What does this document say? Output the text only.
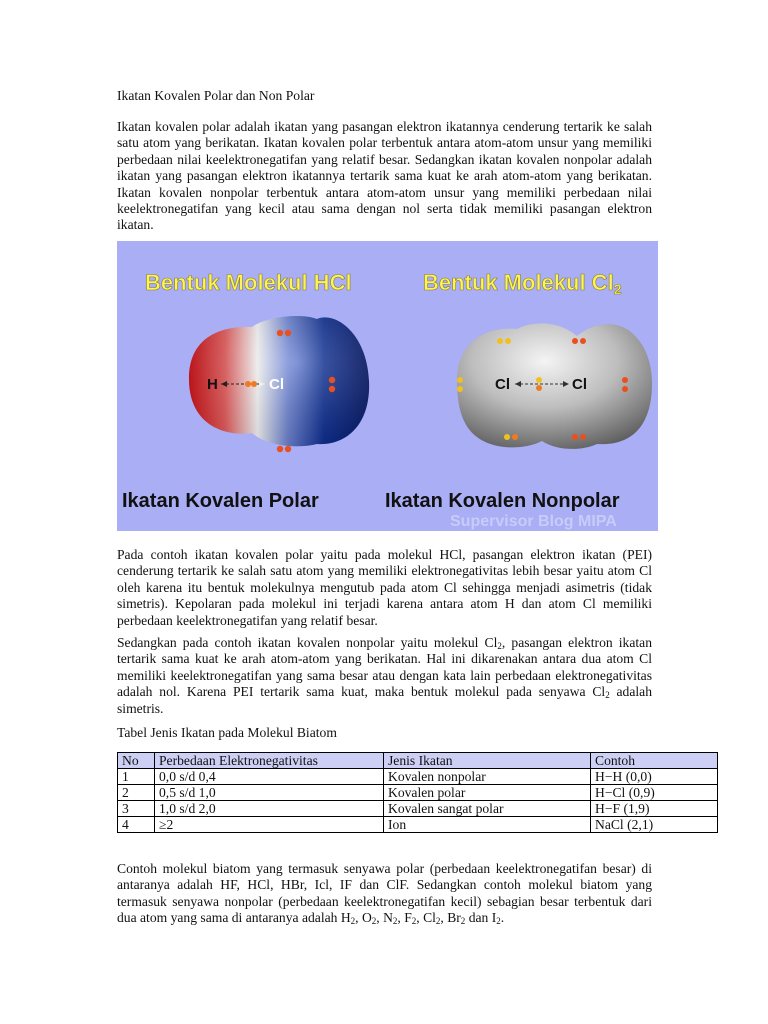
Ikatan Kovalen Polar dan Non Polar

Ikatan kovalen polar adalah ikatan yang pasangan elektron ikatannya cenderung tertarik ke salah satu atom yang berikatan. Ikatan kovalen polar terbentuk antara atom-atom unsur yang memiliki perbedaan nilai keelektronegatifan yang relatif besar. Sedangkan ikatan kovalen nonpolar adalah ikatan yang pasangan elektron ikatannya tertarik sama kuat ke arah atom-atom yang berikatan. Ikatan kovalen nonpolar terbentuk antara atom-atom unsur yang memiliki perbedaan nilai keelektronegatifan yang kecil atau sama dengan nol serta tidak memiliki pasangan elektron ikatan.

Bentuk Molekul HCl	Bentuk Molekul Cl2
H	Cl	Cl	Cl
Ikatan Kovalen Polar	Ikatan Kovalen Nonpolar
Supervisor Blog MIPA

Pada contoh ikatan kovalen polar yaitu pada molekul HCl, pasangan elektron ikatan (PEI) cenderung tertarik ke salah satu atom yang memiliki elektronegativitas lebih besar yaitu atom Cl oleh karena itu bentuk molekulnya mengutub pada atom Cl sehingga menjadi asimetris (tidak simetris). Kepolaran pada molekul ini terjadi karena antara atom H dan atom Cl memiliki perbedaan keelektronegatifan yang relatif besar.

Sedangkan pada contoh ikatan kovalen nonpolar yaitu molekul $Cl_2$, pasangan elektron ikatan tertarik sama kuat ke arah atom-atom yang berikatan. Hal ini dikarenakan antara dua atom Cl memiliki keelektronegatifan yang sama besar atau dengan kata lain perbedaan elektronegativitas adalah nol. Karena PEI tertarik sama kuat, maka bentuk molekul pada senyawa $Cl_2$ adalah simetris.

Tabel Jenis Ikatan pada Molekul Biatom
No	Perbedaan Elektronegativitas	Jenis Ikatan	Contoh
1	0,0 s/d 0,4	Kovalen nonpolar	H−H (0,0)
2	0,5 s/d 1,0	Kovalen polar	H−Cl (0,9)
3	1,0 s/d 2,0	Kovalen sangat polar	H−F (1,9)
4	≥2	Ion	NaCl (2,1)

Contoh molekul biatom yang termasuk senyawa polar (perbedaan keelektronegatifan besar) di antaranya adalah HF, HCl, HBr, Icl, IF dan ClF. Sedangkan contoh molekul biatom yang termasuk senyawa nonpolar (perbedaan keelektronegatifan kecil) sebagian besar terbentuk dari dua atom yang sama di antaranya adalah $H_2$, $O_2$, $N_2$, $F_2$, $Cl_2$, $Br_2$ dan $I_2$.
